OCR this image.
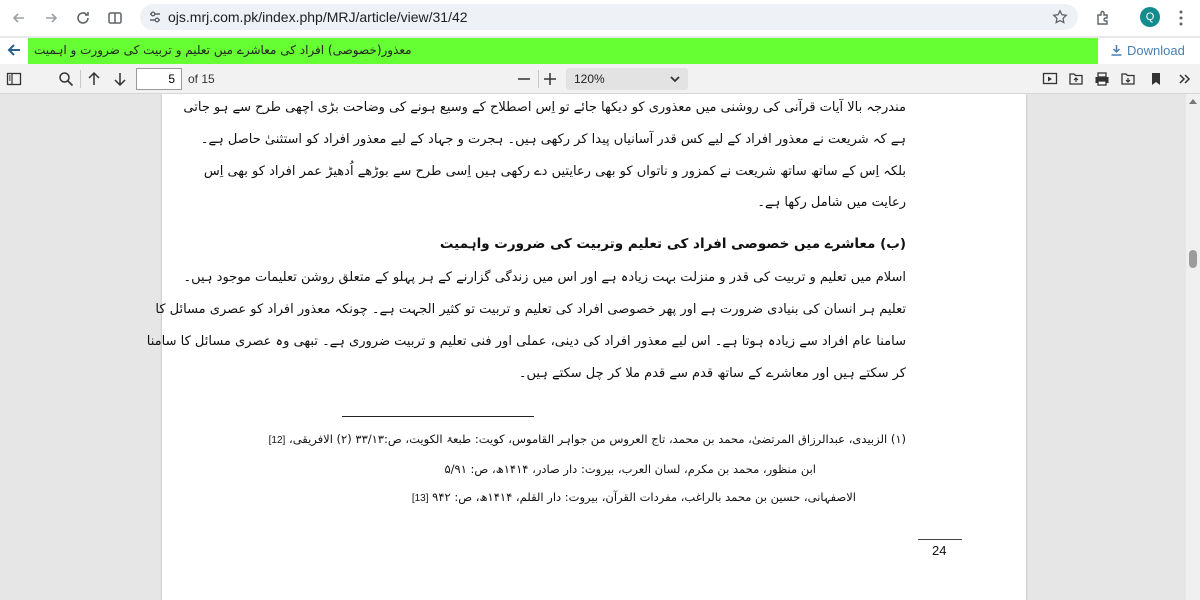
ojs.mrj.com.pk/index.php/MRJ/article/view/31/42	Q
معذور(خصوصی) افراد کی معاشرے میں تعلیم و تربیت کی ضرورت و اہمیت	Download
5	of 15	120%
مندرجہ بالا آیات قرآنی کی روشنی میں معذوری کو دیکھا جائے تو اِس اصطلاح کے وسیع ہونے کی وضاحت بڑی اچھی طرح سے ہو جاتی
ہے کہ شریعت نے معذور افراد کے لیے کس قدر آسانیاں پیدا کر رکھی ہیں۔ ہجرت و جہاد کے لیے معذور افراد کو استثنیٰ حاصل ہے۔
بلکہ اِس کے ساتھ ساتھ شریعت نے کمزور و ناتواں کو بھی رعایتیں دے رکھی ہیں اِسی طرح سے بوڑھے اُدھیڑ عمر افراد کو بھی اِس
رعایت میں شامل رکھا ہے۔
(ب) معاشرے میں خصوصی افراد کی تعلیم وتربیت کی ضرورت واہمیت
اسلام میں تعلیم و تربیت کی قدر و منزلت بہت زیادہ ہے اور اس میں زندگی گزارنے کے ہر پہلو کے متعلق روشن تعلیمات موجود ہیں۔
تعلیم ہر انسان کی بنیادی ضرورت ہے اور پھر خصوصی افراد کی تعلیم و تربیت تو کثیر الجہت ہے۔ چونکہ معذور افراد کو عصری مسائل کا
سامنا عام افراد سے زیادہ ہوتا ہے۔ اس لیے معذور افراد کی دینی، عملی اور فنی تعلیم و تربیت ضروری ہے۔ تبھی وہ عصری مسائل کا سامنا
کر سکتے ہیں اور معاشرے کے ساتھ قدم سے قدم ملا کر چل سکتے ہیں۔
(۱) الزبیدی، عبدالرزاق المرتضیٰ، محمد بن محمد، تاج العروس من جواہر القاموس، کویت: طبعۃ الکویت، ص:۳۳/۱۳ (۲) الافریقی، [12]
ابن منظور، محمد بن مکرم، لسان العرب، بیروت: دار صادر، ۱۴۱۴ھ، ص: ۵/۹۱
الاصفہانی، حسین بن محمد بالراغب، مفردات القرآن، بیروت: دار القلم، ۱۴۱۴ھ، ص: ۹۴۲ [13]
24
